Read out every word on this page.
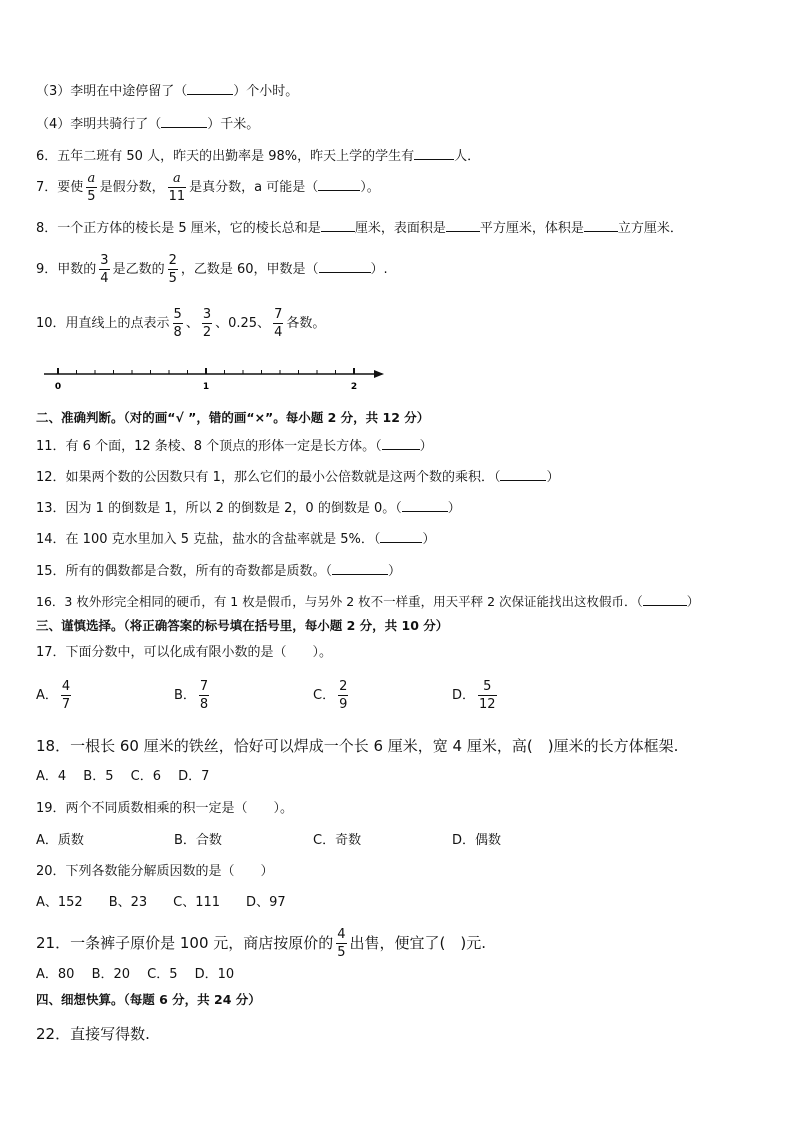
（3）李明在中途停留了（	）个小时。
（4）李明共骑行了（	）千米。
6．五年二班有 50 人，昨天的出勤率是 98%，昨天上学的学生有	人．
7．要使 $\frac{a}{5}$ 是假分数， $\frac{a}{11}$ 是真分数，a 可能是（	）。
8．一个正方体的棱长是 5 厘米，它的棱长总和是	厘米，表面积是	平方厘米，体积是	立方厘米．
9．甲数的 $\frac{3}{4}$ 是乙数的 $\frac{2}{5}$ ，乙数是 60，甲数是（	）.
10．用直线上的点表示 $\frac{5}{8}$ 、 $\frac{3}{2}$ 、0.25、 $\frac{7}{4}$ 各数。
0	1	2
二、准确判断。（对的画“√ ”，错的画“×”。每小题 2 分，共 12 分）
11．有 6 个面，12 条棱、8 个顶点的形体一定是长方体。（	）
12．如果两个数的公因数只有 1，那么它们的最小公倍数就是这两个数的乘积．（	）
13．因为 1 的倒数是 1，所以 2 的倒数是 2，0 的倒数是 0。（	）
14．在 100 克水里加入 5 克盐，盐水的含盐率就是 5%．（	）
15．所有的偶数都是合数，所有的奇数都是质数。（	）
16．3 枚外形完全相同的硬币，有 1 枚是假币，与另外 2 枚不一样重，用天平秤 2 次保证能找出这枚假币．（	）
三、谨慎选择。（将正确答案的标号填在括号里，每小题 2 分，共 10 分）
17．下面分数中，可以化成有限小数的是（　　）。
A． $\frac{4}{7}$	B． $\frac{7}{8}$	C． $\frac{2}{9}$	D． $\frac{5}{12}$
18．一根长 60 厘米的铁丝，恰好可以焊成一个长 6 厘米，宽 4 厘米，高(　)厘米的长方体框架.
A．4　 B．5　 C．6　 D．7
19．两个不同质数相乘的积一定是（　　）。
A．质数	B．合数	C．奇数	D．偶数
20．下列各数能分解质因数的是（　　）
A、152　　B、23　　C、111　　D、97
21．一条裤子原价是 100 元，商店按原价的 $\frac{4}{5}$ 出售，便宜了(　)元.
A．80　 B．20　 C．5　 D．10
四、细想快算。（每题 6 分，共 24 分）
22．直接写得数.
